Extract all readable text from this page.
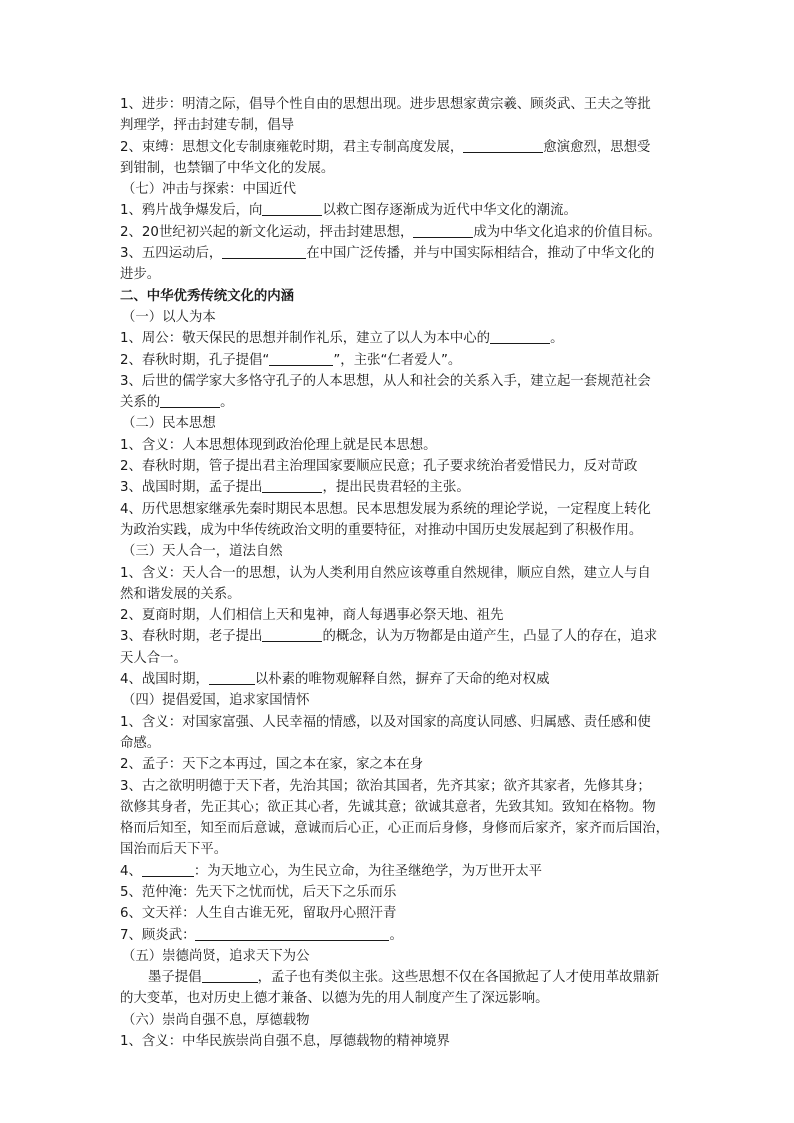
1、进步：明清之际，倡导个性自由的思想出现。进步思想家黄宗羲、顾炎武、王夫之等批
判理学，抨击封建专制，倡导
2、束缚：思想文化专制康雍乾时期，君主专制高度发展，	愈演愈烈，思想受
到钳制，也禁锢了中华文化的发展。
（七）冲击与探索：中国近代
1、鸦片战争爆发后，向	以救亡图存逐渐成为近代中华文化的潮流。
2、20世纪初兴起的新文化运动，抨击封建思想，	成为中华文化追求的价值目标。
3、五四运动后，	在中国广泛传播，并与中国实际相结合，推动了中华文化的
进步。
二、中华优秀传统文化的内涵
（一）以人为本
1、周公：敬天保民的思想并制作礼乐，建立了以人为本中心的	。
2、春秋时期，孔子提倡“	”，主张“仁者爱人”。
3、后世的儒学家大多恪守孔子的人本思想，从人和社会的关系入手，建立起一套规范社会
关系的	。
（二）民本思想
1、含义：人本思想体现到政治伦理上就是民本思想。
2、春秋时期，管子提出君主治理国家要顺应民意；孔子要求统治者爱惜民力，反对苛政
3、战国时期，孟子提出	，提出民贵君轻的主张。
4、历代思想家继承先秦时期民本思想。民本思想发展为系统的理论学说，一定程度上转化
为政治实践，成为中华传统政治文明的重要特征，对推动中国历史发展起到了积极作用。
（三）天人合一，道法自然
1、含义：天人合一的思想，认为人类利用自然应该尊重自然规律，顺应自然，建立人与自
然和谐发展的关系。
2、夏商时期，人们相信上天和鬼神，商人每遇事必祭天地、祖先
3、春秋时期，老子提出	的概念，认为万物都是由道产生，凸显了人的存在，追求
天人合一。
4、战国时期，	以朴素的唯物观解释自然，摒弃了天命的绝对权威
（四）提倡爱国，追求家国情怀
1、含义：对国家富强、人民幸福的情感，以及对国家的高度认同感、归属感、责任感和使
命感。
2、孟子：天下之本再过，国之本在家，家之本在身
3、古之欲明明德于天下者，先治其国；欲治其国者，先齐其家；欲齐其家者，先修其身；
欲修其身者，先正其心；欲正其心者，先诚其意；欲诚其意者，先致其知。致知在格物。物
格而后知至，知至而后意诚，意诚而后心正，心正而后身修，身修而后家齐，家齐而后国治，
国治而后天下平。
4、	：为天地立心，为生民立命，为往圣继绝学，为万世开太平
5、范仲淹：先天下之忧而忧，后天下之乐而乐
6、文天祥：人生自古谁无死，留取丹心照汗青
7、顾炎武：	。
（五）崇德尚贤，追求天下为公
墨子提倡	，孟子也有类似主张。这些思想不仅在各国掀起了人才使用革故鼎新
的大变革，也对历史上德才兼备、以德为先的用人制度产生了深远影响。
（六）崇尚自强不息，厚德载物
1、含义：中华民族崇尚自强不息，厚德载物的精神境界
